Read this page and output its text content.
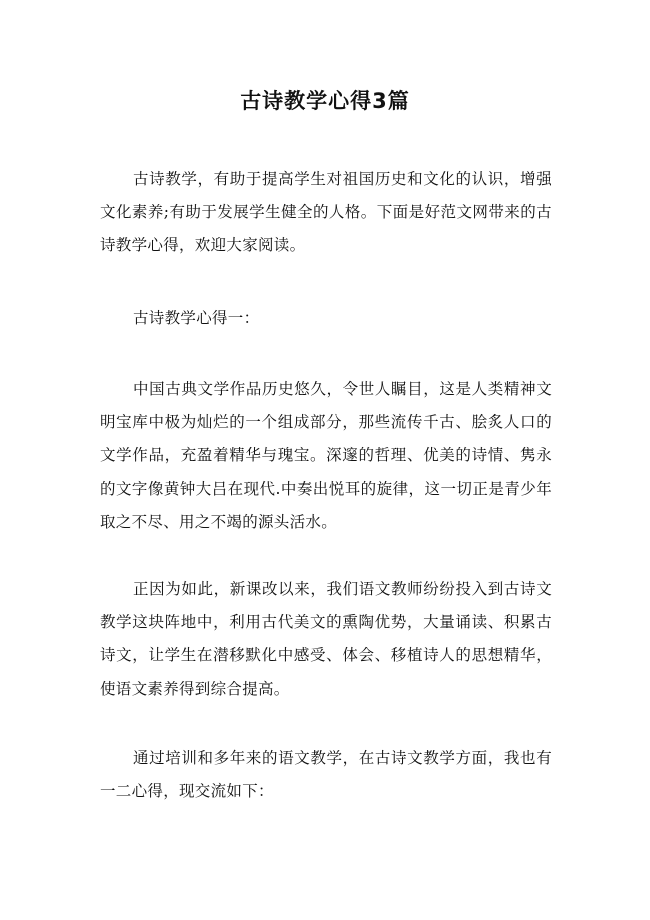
古诗教学心得3篇

古诗教学，有助于提高学生对祖国历史和文化的认识，增强文化素养;有助于发展学生健全的人格。下面是好范文网带来的古诗教学心得，欢迎大家阅读。

古诗教学心得一：

中国古典文学作品历史悠久，令世人瞩目，这是人类精神文明宝库中极为灿烂的一个组成部分，那些流传千古、脍炙人口的文学作品，充盈着精华与瑰宝。深邃的哲理、优美的诗情、隽永的文字像黄钟大吕在现代.中奏出悦耳的旋律，这一切正是青少年取之不尽、用之不竭的源头活水。

正因为如此，新课改以来，我们语文教师纷纷投入到古诗文教学这块阵地中，利用古代美文的熏陶优势，大量诵读、积累古诗文，让学生在潜移默化中感受、体会、移植诗人的思想精华，使语文素养得到综合提高。

通过培训和多年来的语文教学，在古诗文教学方面，我也有一二心得，现交流如下：
